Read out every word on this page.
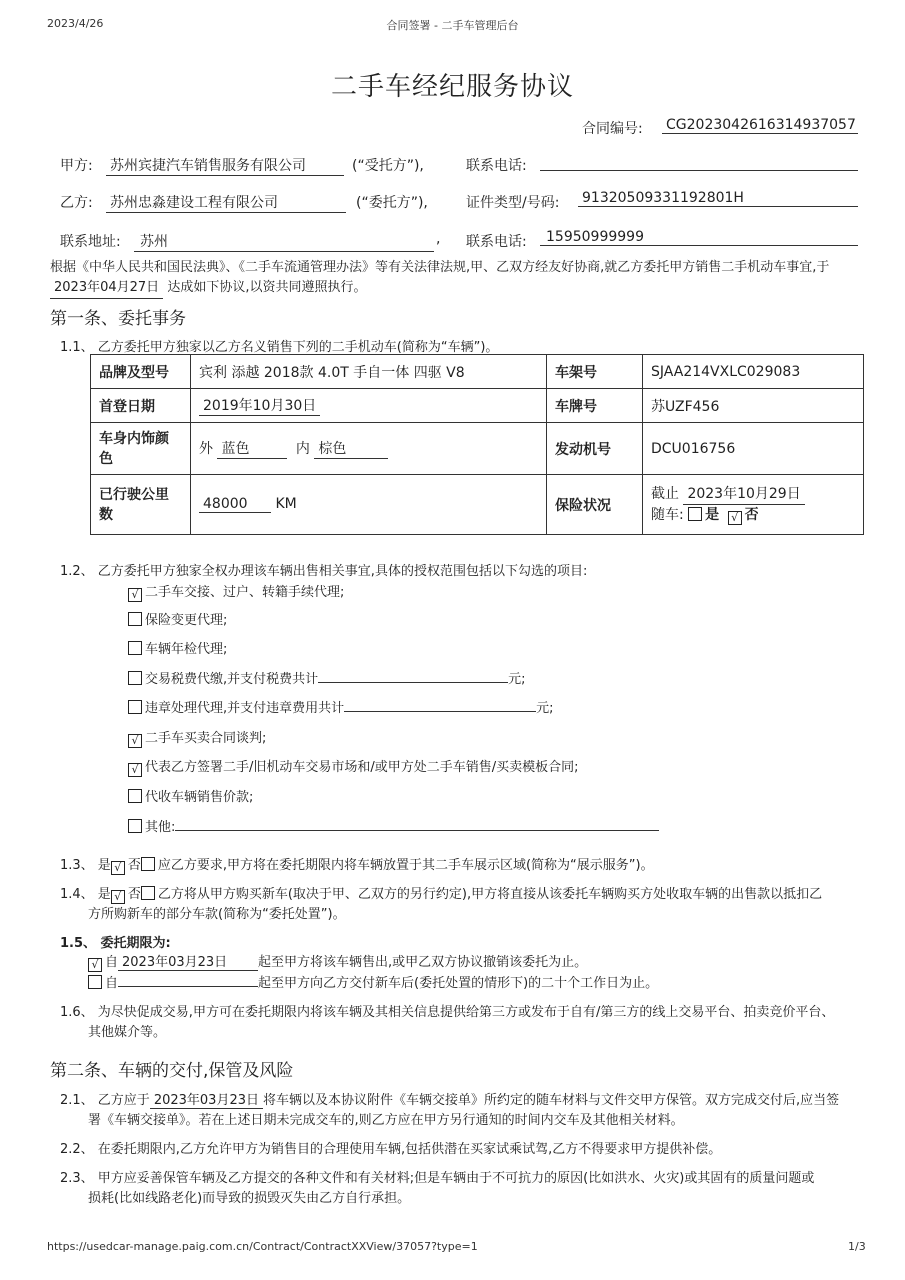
2023/4/26	合同签署 - 二手车管理后台
二手车经纪服务协议
合同编号: CG2023042616314937057
甲方: 苏州宾捷汽车销售服务有限公司	(“受托方”),	联系电话:
乙方: 苏州忠淼建设工程有限公司	(“委托方”),	证件类型/号码: 91320509331192801H
联系地址:	苏州	, 联系电话:	15950999999
根据《中华人民共和国民法典》、《二手车流通管理办法》等有关法律法规,甲、乙双方经友好协商,就乙方委托甲方销售二手机动车事宜,于 2023年04月27日 达成如下协议,以资共同遵照执行。
第一条、委托事务
1.1、 乙方委托甲方独家以乙方名义销售下列的二手机动车(简称为“车辆”)。
品牌及型号	宾利 添越 2018款 4.0T 手自一体 四驱 V8	车架号	SJAA214VXLC029083
首登日期	2019年10月30日	车牌号	苏UZF456
车身内饰颜色	外 蓝色 内 棕色	发动机号	DCU016756
已行驶公里数	48000 KM	保险状况	截止 2023年10月29日
随车: 是 √ 否
1.2、 乙方委托甲方独家全权办理该车辆出售相关事宜,具体的授权范围包括以下勾选的项目:
√ 二手车交接、过户、转籍手续代理;
保险变更代理;
车辆年检代理;
交易税费代缴,并支付税费共计	元;
违章处理代理,并支付违章费用共计	元;
√ 二手车买卖合同谈判;
√ 代表乙方签署二手/旧机动车交易市场和/或甲方处二手车销售/买卖模板合同;
代收车辆销售价款;
其他:
1.3、 是 √ 否 应乙方要求,甲方将在委托期限内将车辆放置于其二手车展示区域(简称为“展示服务”)。
1.4、 是 √ 否 乙方将从甲方购买新车(取决于甲、乙双方的另行约定),甲方将直接从该委托车辆购买方处收取车辆的出售款以抵扣乙
方所购新车的部分车款(简称为“委托处置”)。
1.5、 委托期限为:
√ 自 2023年03月23日 起至甲方将该车辆售出,或甲乙双方协议撤销该委托为止。
自	起至甲方向乙方交付新车后(委托处置的情形下)的二十个工作日为止。
1.6、 为尽快促成交易,甲方可在委托期限内将该车辆及其相关信息提供给第三方或发布于自有/第三方的线上交易平台、拍卖竞价平台、
其他媒介等。
第二条、车辆的交付,保管及风险
2.1、 乙方应于 2023年03月23日 将车辆以及本协议附件《车辆交接单》所约定的随车材料与文件交甲方保管。双方完成交付后,应当签
署《车辆交接单》。若在上述日期未完成交车的,则乙方应在甲方另行通知的时间内交车及其他相关材料。
2.2、 在委托期限内,乙方允许甲方为销售目的合理使用车辆,包括供潜在买家试乘试驾,乙方不得要求甲方提供补偿。
2.3、 甲方应妥善保管车辆及乙方提交的各种文件和有关材料;但是车辆由于不可抗力的原因(比如洪水、火灾)或其固有的质量问题或
损耗(比如线路老化)而导致的损毁灭失由乙方自行承担。
https://usedcar-manage.paig.com.cn/Contract/ContractXXView/37057?type=1	1/3
